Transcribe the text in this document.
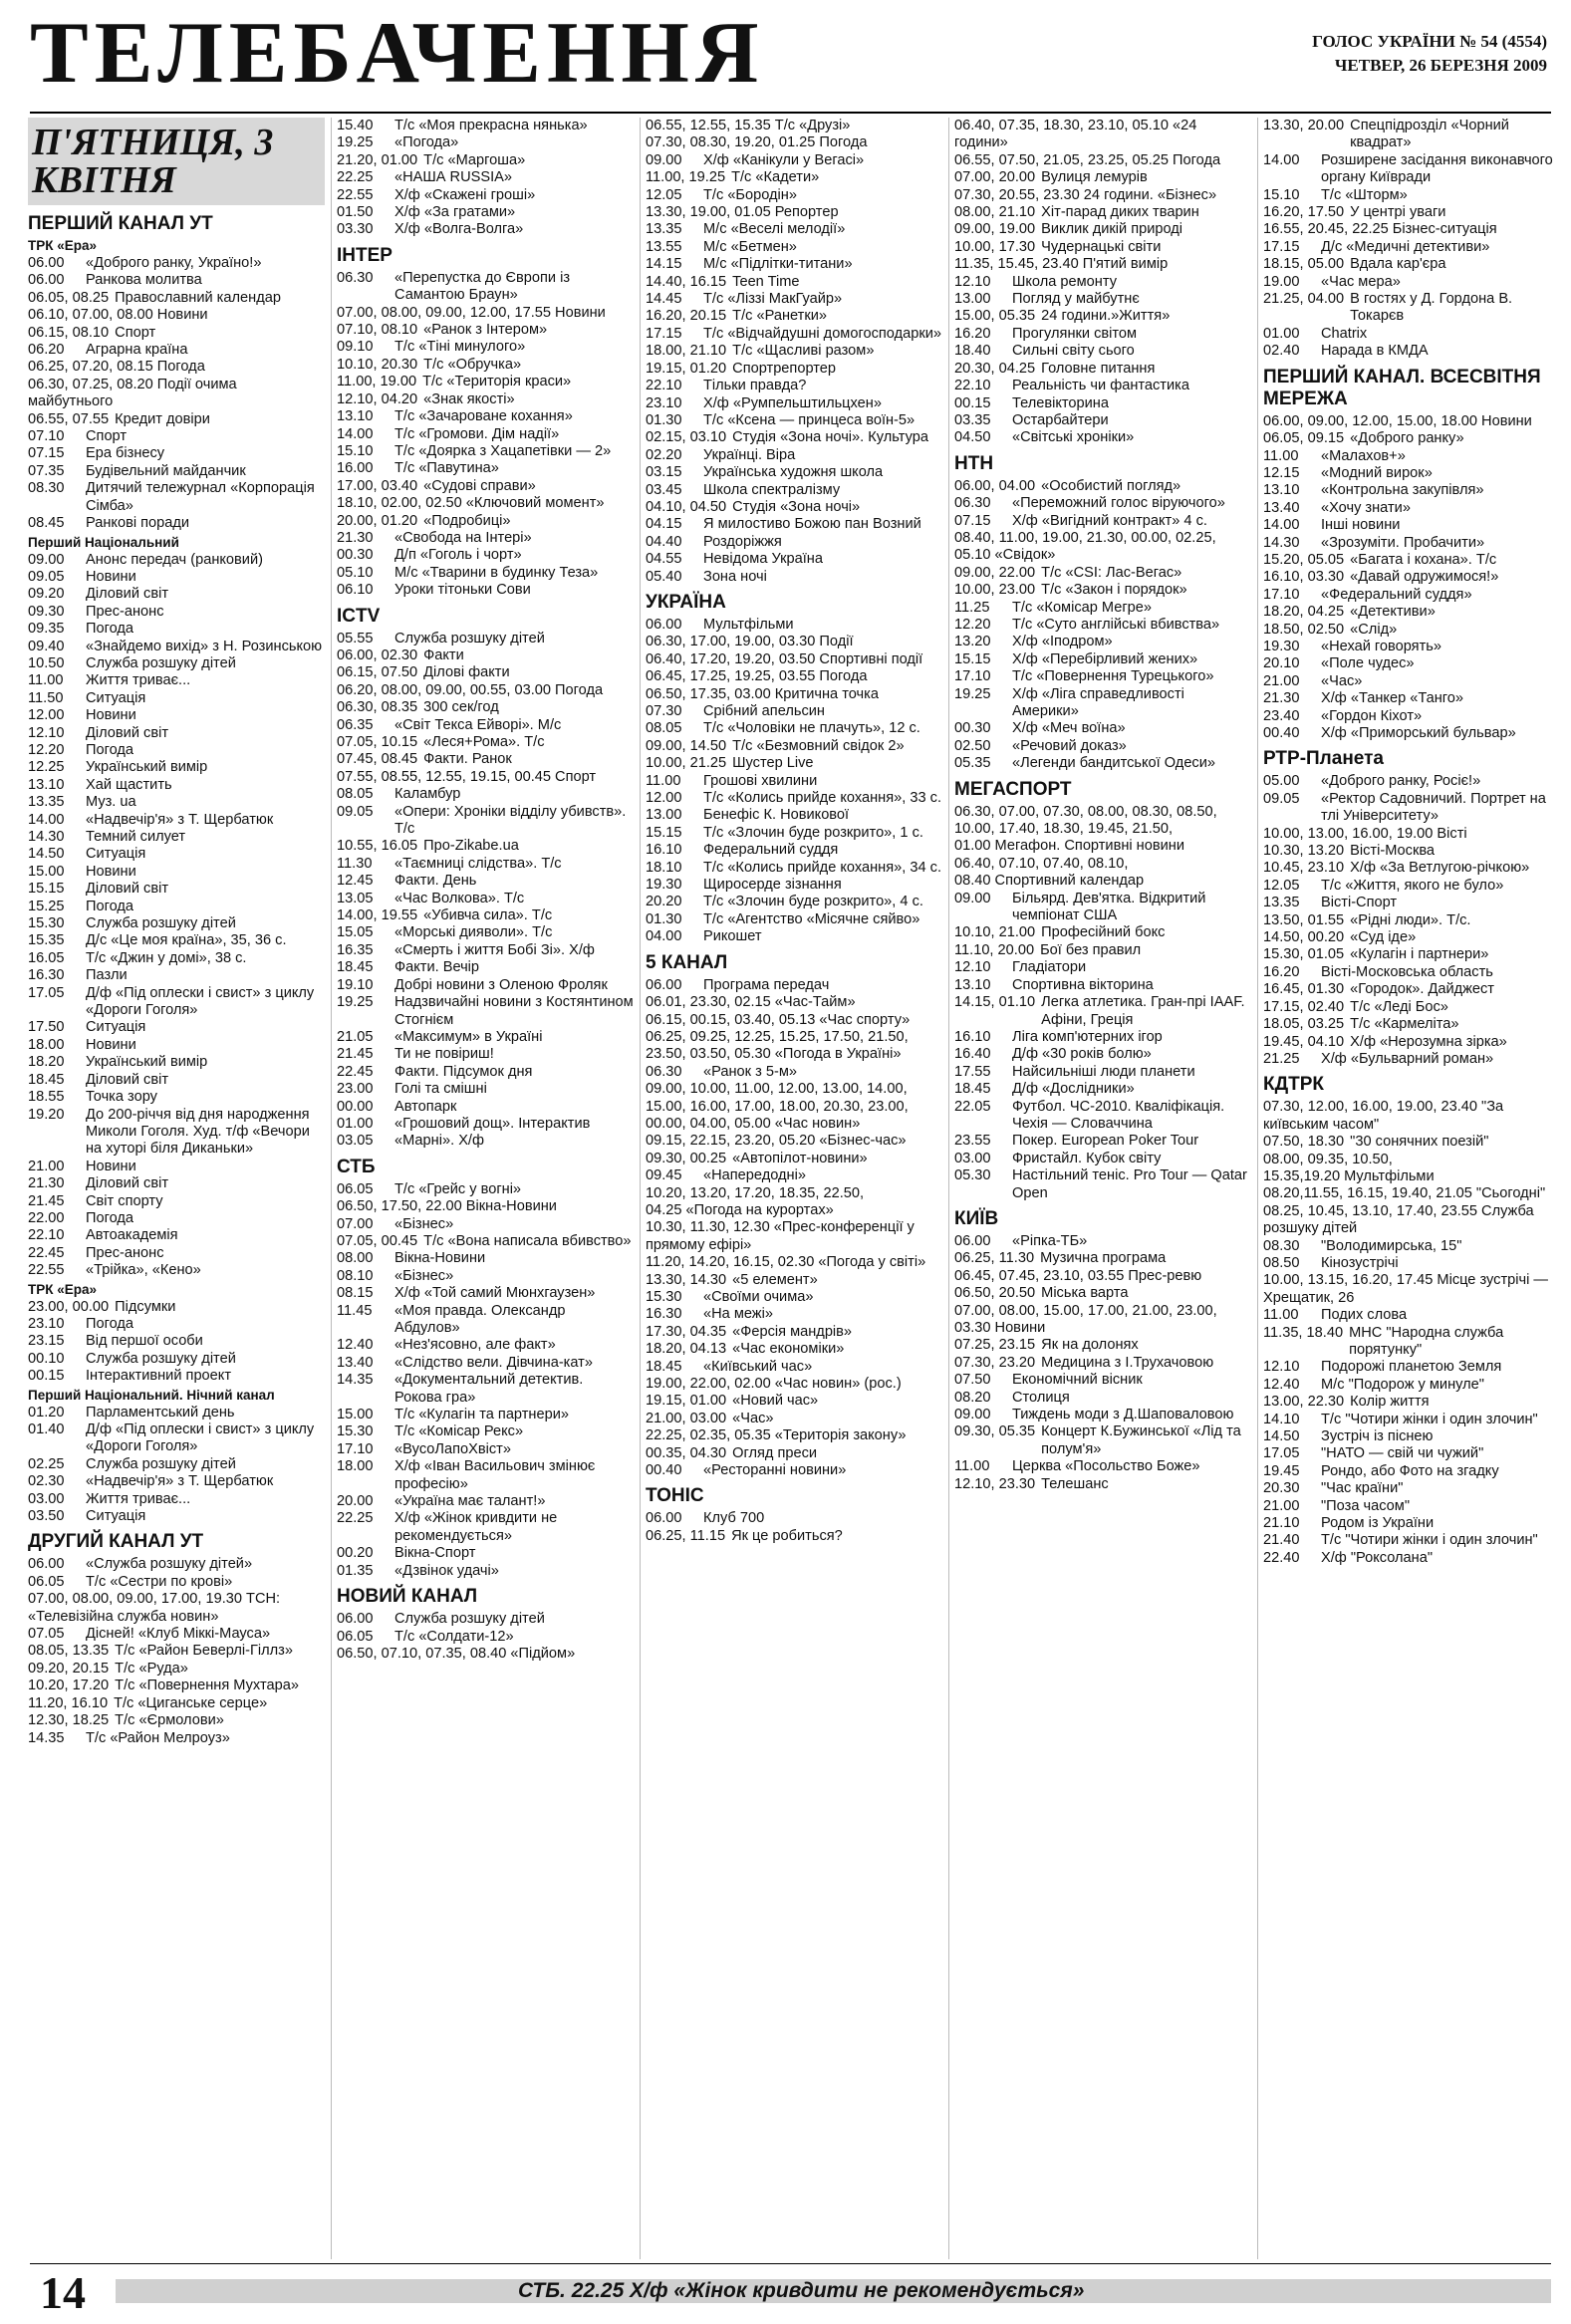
ТЕЛЕБАЧЕННЯ	ГОЛОС УКРАЇНИ № 54 (4554)
ЧЕТВЕР, 26 БЕРЕЗНЯ 2009
П'ЯТНИЦЯ, 3 КВІТНЯ
ПЕРШИЙ КАНАЛ УТ
ТРК «Ера»
06.00	«Доброго ранку, Україно!»
06.00	Ранкова молитва
06.05, 08.25 Православний календар
06.10, 07.00, 08.00 Новини
06.15, 08.10 Спорт
06.20	Аграрна країна
06.25, 07.20, 08.15 Погода
06.30, 07.25, 08.20 Події очима майбутнього
06.55, 07.55 Кредит довіри
07.10	Спорт
07.15	Ера бізнесу
07.35	Будівельний майданчик
08.30	Дитячий тележурнал «Корпорація Сімба»
08.45	Ранкові поради
Перший Національний
09.00	Анонс передач (ранковий)
09.05	Новини
09.20	Діловий світ
09.30	Прес-анонс
09.35	Погода
09.40	«Знайдемо вихід» з Н. Розинською
10.50	Служба розшуку дітей
11.00	Життя триває...
11.50	Ситуація
12.00	Новини
12.10	Діловий світ
12.20	Погода
12.25	Український вимір
13.10	Хай щастить
13.35	Муз. ua
14.00	«Надвечір'я» з Т. Щербатюк
14.30	Темний силует
14.50	Ситуація
15.00	Новини
15.15	Діловий світ
15.25	Погода
15.30	Служба розшуку дітей
15.35	Д/с «Це моя країна», 35, 36 с.
16.05	Т/с «Джин у домі», 38 с.
16.30	Пазли
17.05	Д/ф «Під оплески і свист» з циклу «Дороги Гоголя»
17.50	Ситуація
18.00	Новини
18.20	Український вимір
18.45	Діловий світ
18.55	Точка зору
19.20	До 200-річчя від дня народження Миколи Гоголя. Худ. т/ф «Вечори на хуторі біля Диканьки»
21.00	Новини
21.30	Діловий світ
21.45	Світ спорту
22.00	Погода
22.10	Автоакадемія
22.45	Прес-анонс
22.55	«Трійка», «Кено»
ТРК «Ера»
23.00, 00.00 Підсумки
23.10	Погода
23.15	Від першої особи
00.10	Служба розшуку дітей
00.15	Інтерактивний проект
Перший Національний. Нічний канал
01.20	Парламентський день
01.40	Д/ф «Під оплески і свист» з циклу «Дороги Гоголя»
02.25	Служба розшуку дітей
02.30	«Надвечір'я» з Т. Щербатюк
03.00	Життя триває...
03.50	Ситуація
ДРУГИЙ КАНАЛ УТ
06.00	«Служба розшуку дітей»
06.05	Т/с «Сестри по крові»
07.00, 08.00, 09.00, 17.00, 19.30 ТСН: «Телевізійна служба новин»
07.05	Дісней! «Клуб Міккі-Мауса»
08.05, 13.35 Т/с «Район Беверлі-Гіллз»
09.20, 20.15 Т/с «Руда»
10.20, 17.20 Т/с «Повернення Мухтара»
11.20, 16.10 Т/с «Циганське серце»
12.30, 18.25 Т/с «Єрмолови»
14.35	Т/с «Район Мелроуз»
15.40	Т/с «Моя прекрасна нянька»
19.25	«Погода»
21.20, 01.00 Т/с «Маргоша»
22.25	«НАША RUSSIA»
22.55	Х/ф «Скажені гроші»
01.50	Х/ф «За гратами»
03.30	Х/ф «Волга-Волга»
ІНТЕР
06.30	«Перепустка до Європи із Самантою Браун»
07.00, 08.00, 09.00, 12.00, 17.55 Новини
07.10, 08.10 «Ранок з Інтером»
09.10	Т/с «Тіні минулого»
10.10, 20.30 Т/с «Обручка»
11.00, 19.00 Т/с «Територія краси»
12.10, 04.20 «Знак якості»
13.10	Т/с «Зачароване кохання»
14.00	Т/с «Громови. Дім надії»
15.10	Т/с «Доярка з Хацапетівки — 2»
16.00	Т/с «Павутина»
17.00, 03.40 «Судові справи»
18.10, 02.00, 02.50 «Ключовий момент»
20.00, 01.20 «Подробиці»
21.30	«Свобода на Інтері»
00.30	Д/п «Гоголь і чорт»
05.10	М/с «Тварини в будинку Теза»
06.10	Уроки тітоньки Сови
ICTV
05.55	Служба розшуку дітей
06.00, 02.30 Факти
06.15, 07.50 Ділові факти
06.20, 08.00, 09.00, 00.55, 03.00 Погода
06.30, 08.35 300 сек/год
06.35	«Світ Текса Ейворі». М/с
07.05, 10.15 «Леся+Рома». Т/с
07.45, 08.45 Факти. Ранок
07.55, 08.55, 12.55, 19.15, 00.45 Спорт
08.05	Каламбур
09.05	«Опери: Хроніки відділу убивств». Т/с
10.55, 16.05 Про-Zikabe.ua
11.30	«Таємниці слідства». Т/с
12.45	Факти. День
13.05	«Час Волкова». Т/с
14.00, 19.55 «Убивча сила». Т/с
15.05	«Морські дияволи». Т/с
16.35	«Смерть і життя Бобі Зі». Х/ф
18.45	Факти. Вечір
19.10	Добрі новини з Оленою Фроляк
19.25	Надзвичайні новини з Костянтином Стогнієм
21.05	«Максимум» в Україні
21.45	Ти не повіриш!
22.45	Факти. Підсумок дня
23.00	Голі та смішні
00.00	Автопарк
01.00	«Грошовий дощ». Інтерактив
03.05	«Марні». Х/ф
СТБ
06.05	Т/с «Грейс у вогні»
06.50, 17.50, 22.00 Вікна-Новини
07.00	«Бізнес»
07.05, 00.45 Т/с «Вона написала вбивство»
08.00	Вікна-Новини
08.10	«Бізнес»
08.15	Х/ф «Той самий Мюнхгаузен»
11.45	«Моя правда. Олександр Абдулов»
12.40	«Нез'ясовно, але факт»
13.40	«Слідство вели. Дівчина-кат»
14.35	«Документальний детектив. Рокова гра»
15.00	Т/с «Кулагін та партнери»
15.30	Т/с «Комісар Рекс»
17.10	«ВусоЛапоХвіст»
18.00	Х/ф «Іван Васильович змінює професію»
20.00	«Україна має талант!»
22.25	Х/ф «Жінок кривдити не рекомендується»
00.20	Вікна-Спорт
01.35	«Дзвінок удачі»
НОВИЙ КАНАЛ
06.00	Служба розшуку дітей
06.05	Т/с «Солдати-12»
06.50, 07.10, 07.35, 08.40 «Підйом»
06.55, 12.55, 15.35 Т/с «Друзі»
07.30, 08.30, 19.20, 01.25 Погода
09.00	Х/ф «Канікули у Вегасі»
11.00, 19.25 Т/с «Кадети»
12.05	Т/с «Бородін»
13.30, 19.00, 01.05 Репортер
13.35	М/с «Веселі мелодії»
13.55	М/с «Бетмен»
14.15	М/с «Підлітки-титани»
14.40, 16.15 Teen Time
14.45	Т/с «Ліззі МакГуайр»
16.20, 20.15 Т/с «Ранетки»
17.15	Т/с «Відчайдушні домогосподарки»
18.00, 21.10 Т/с «Щасливі разом»
19.15, 01.20 Спортрепортер
22.10	Тільки правда?
23.10	Х/ф «Румпельштильцхен»
01.30	Т/с «Ксена — принцеса воїн-5»
02.15, 03.10 Студія «Зона ночі». Культура
02.20	Українці. Віра
03.15	Українська художня школа
03.45	Школа спектралізму
04.10, 04.50 Студія «Зона ночі»
04.15	Я милостиво Божою пан Возний
04.40	Роздоріжжя
04.55	Невідома Україна
05.40	Зона ночі
УКРАЇНА
06.00	Мультфільми
06.30, 17.00, 19.00, 03.30 Події
06.40, 17.20, 19.20, 03.50 Спортивні події
06.45, 17.25, 19.25, 03.55 Погода
06.50, 17.35, 03.00 Критична точка
07.30	Срібний апельсин
08.05	Т/с «Чоловіки не плачуть», 12 с.
09.00, 14.50 Т/с «Безмовний свідок 2»
10.00, 21.25 Шустер Live
11.00	Грошові хвилини
12.00	Т/с «Колись прийде кохання», 33 с.
13.00	Бенефіс К. Новикової
15.15	Т/с «Злочин буде розкрито», 1 с.
16.10	Федеральний суддя
18.10	Т/с «Колись прийде кохання», 34 с.
19.30	Щиросерде зізнання
20.20	Т/с «Злочин буде розкрито», 4 с.
01.30	Т/с «Агентство «Місячне сяйво»
04.00	Рикошет
5 КАНАЛ
06.00	Програма передач
06.01, 23.30, 02.15 «Час-Тайм»
06.15, 00.15, 03.40, 05.13 «Час спорту»
06.25, 09.25, 12.25, 15.25, 17.50, 21.50, 23.50, 03.50, 05.30 «Погода в Україні»
06.30	«Ранок з 5-м»
09.00, 10.00, 11.00, 12.00, 13.00, 14.00, 15.00, 16.00, 17.00, 18.00, 20.30, 23.00, 00.00, 04.00, 05.00 «Час новин»
09.15, 22.15, 23.20, 05.20 «Бізнес-час»
09.30, 00.25 «Автопілот-новини»
09.45	«Напередодні»
10.20, 13.20, 17.20, 18.35, 22.50, 04.25 «Погода на курортах»
10.30, 11.30, 12.30 «Прес-конференції у прямому ефірі»
11.20, 14.20, 16.15, 02.30 «Погода у світі»
13.30, 14.30 «5 елемент»
15.30	«Своїми очима»
16.30	«На межі»
17.30, 04.35 «Ферсія мандрів»
18.20, 04.13 «Час економіки»
18.45	«Київський час»
19.00, 22.00, 02.00 «Час новин» (рос.)
19.15, 01.00 «Новий час»
21.00, 03.00 «Час»
22.25, 02.35, 05.35 «Територія закону»
00.35, 04.30 Огляд преси
00.40	«Ресторанні новини»
ТОНІС
06.00	Клуб 700
06.25, 11.15 Як це робиться?
06.40, 07.35, 18.30, 23.10, 05.10 «24 години»
06.55, 07.50, 21.05, 23.25, 05.25 Погода
07.00, 20.00 Вулиця лемурів
07.30, 20.55, 23.30 24 години. «Бізнес»
08.00, 21.10 Хіт-парад диких тварин
09.00, 19.00 Виклик дикій природі
10.00, 17.30 Чудернацькі світи
11.35, 15.45, 23.40 П'ятий вимір
12.10	Школа ремонту
13.00	Погляд у майбутнє
15.00, 05.35 24 години.»Життя»
16.20	Прогулянки світом
18.40	Сильні світу сього
20.30, 04.25 Головне питання
22.10	Реальність чи фантастика
00.15	Телевікторина
03.35	Остарбайтери
04.50	«Світські хроніки»
НТН
06.00, 04.00 «Особистий погляд»
06.30	«Переможний голос віруючого»
07.15	Х/ф «Вигідний контракт» 4 с.
08.40, 11.00, 19.00, 21.30, 00.00, 02.25, 05.10 «Свідок»
09.00, 22.00 Т/с «CSI: Лас-Вегас»
10.00, 23.00 Т/с «Закон і порядок»
11.25	Т/с «Комісар Мегре»
12.20	Т/с «Суто англійські вбивства»
13.20	Х/ф «Іподром»
15.15	Х/ф «Перебірливий жених»
17.10	Т/с «Повернення Турецького»
19.25	Х/ф «Ліга справедливості Америки»
00.30	Х/ф «Меч воїна»
02.50	«Речовий доказ»
05.35	«Легенди бандитської Одеси»
МЕГАСПОРТ
06.30, 07.00, 07.30, 08.00, 08.30, 08.50, 10.00, 17.40, 18.30, 19.45, 21.50, 01.00 Мегафон. Спортивні новини
06.40, 07.10, 07.40, 08.10, 08.40 Спортивний календар
09.00	Більярд. Дев'ятка. Відкритий чемпіонат США
10.10, 21.00 Професійний бокс
11.10, 20.00 Бої без правил
12.10	Гладіатори
13.10	Спортивна вікторина
14.15, 01.10 Легка атлетика. Гран-прі IAAF. Афіни, Греція
16.10	Ліга комп'ютерних ігор
16.40	Д/ф «30 років болю»
17.55	Найсильніші люди планети
18.45	Д/ф «Дослідники»
22.05	Футбол. ЧС-2010. Кваліфікація. Чехія — Словаччина
23.55	Покер. European Poker Tour
03.00	Фристайл. Кубок світу
05.30	Настільний теніс. Pro Tour — Qatar Open
КИЇВ
06.00	«Ріпка-ТБ»
06.25, 11.30 Музична програма
06.45, 07.45, 23.10, 03.55 Прес-ревю
06.50, 20.50 Міська варта
07.00, 08.00, 15.00, 17.00, 21.00, 23.00, 03.30 Новини
07.25, 23.15 Як на долонях
07.30, 23.20 Медицина з І.Трухачовою
07.50	Економічний вісник
08.20	Столиця
09.00	Тиждень моди з Д.Шаповаловою
09.30, 05.35 Концерт К.Бужинської «Лід та полум'я»
11.00	Церква «Посольство Боже»
12.10, 23.30 Телешанс
13.30, 20.00 Спецпідрозділ «Чорний квадрат»
14.00	Розширене засідання виконавчого органу Київради
15.10	Т/с «Шторм»
16.20, 17.50 У центрі уваги
16.55, 20.45, 22.25 Бізнес-ситуація
17.15	Д/с «Медичні детективи»
18.15, 05.00 Вдала кар'єра
19.00	«Час мера»
21.25, 04.00 В гостях у Д. Гордона В. Токарєв
01.00	Chatrix
02.40	Нарада в КМДА
ПЕРШИЙ КАНАЛ. ВСЕСВІТНЯ МЕРЕЖА
06.00, 09.00, 12.00, 15.00, 18.00 Новини
06.05, 09.15 «Доброго ранку»
11.00	«Малахов+»
12.15	«Модний вирок»
13.10	«Контрольна закупівля»
13.40	«Хочу знати»
14.00	Інші новини
14.30	«Зрозуміти. Пробачити»
15.20, 05.05 «Багата і кохана». Т/с
16.10, 03.30 «Давай одружимося!»
17.10	«Федеральний суддя»
18.20, 04.25 «Детективи»
18.50, 02.50 «Слід»
19.30	«Нехай говорять»
20.10	«Поле чудес»
21.00	«Час»
21.30	Х/ф «Танкер «Танго»
23.40	«Гордон Кіхот»
00.40	Х/ф «Приморський бульвар»
РТР-Планета
05.00	«Доброго ранку, Росіє!»
09.05	«Ректор Садовничий. Портрет на тлі Університету»
10.00, 13.00, 16.00, 19.00 Вісті
10.30, 13.20 Вісті-Москва
10.45, 23.10 Х/ф «За Ветлугою-річкою»
12.05	Т/с «Життя, якого не було»
13.35	Вісті-Спорт
13.50, 01.55 «Рідні люди». Т/с.
14.50, 00.20 «Суд іде»
15.30, 01.05 «Кулагін і партнери»
16.20	Вісті-Московська область
16.45, 01.30 «Городок». Дайджест
17.15, 02.40 Т/с «Леді Бос»
18.05, 03.25 Т/с «Кармеліта»
19.45, 04.10 Х/ф «Нерозумна зірка»
21.25	Х/ф «Бульварний роман»
КДТРК
07.30, 12.00, 16.00, 19.00, 23.40 "За київським часом"
07.50, 18.30 "30 сонячних поезій"
08.00, 09.35, 10.50, 15.35,19.20 Мультфільми
08.20,11.55, 16.15, 19.40, 21.05 "Сьогодні"
08.25, 10.45, 13.10, 17.40, 23.55 Служба розшуку дітей
08.30	"Володимирська, 15"
08.50	Кінозустрічі
10.00, 13.15, 16.20, 17.45 Місце зустрічі — Хрещатик, 26
11.00	Подих слова
11.35, 18.40 МНС "Народна служба порятунку"
12.10	Подорожі планетою Земля
12.40	М/с "Подорож у минуле"
13.00, 22.30 Колір життя
14.10	Т/с "Чотири жінки і один злочин"
14.50	Зустріч із піснею
17.05	"НАТО — свій чи чужий"
19.45	Рондо, або Фото на згадку
20.30	"Час країни"
21.00	"Поза часом"
21.10	Родом із України
21.40	Т/с "Чотири жінки і один злочин"
22.40	Х/ф "Роксолана"
14	СТБ. 22.25 Х/ф «Жінок кривдити не рекомендується»
